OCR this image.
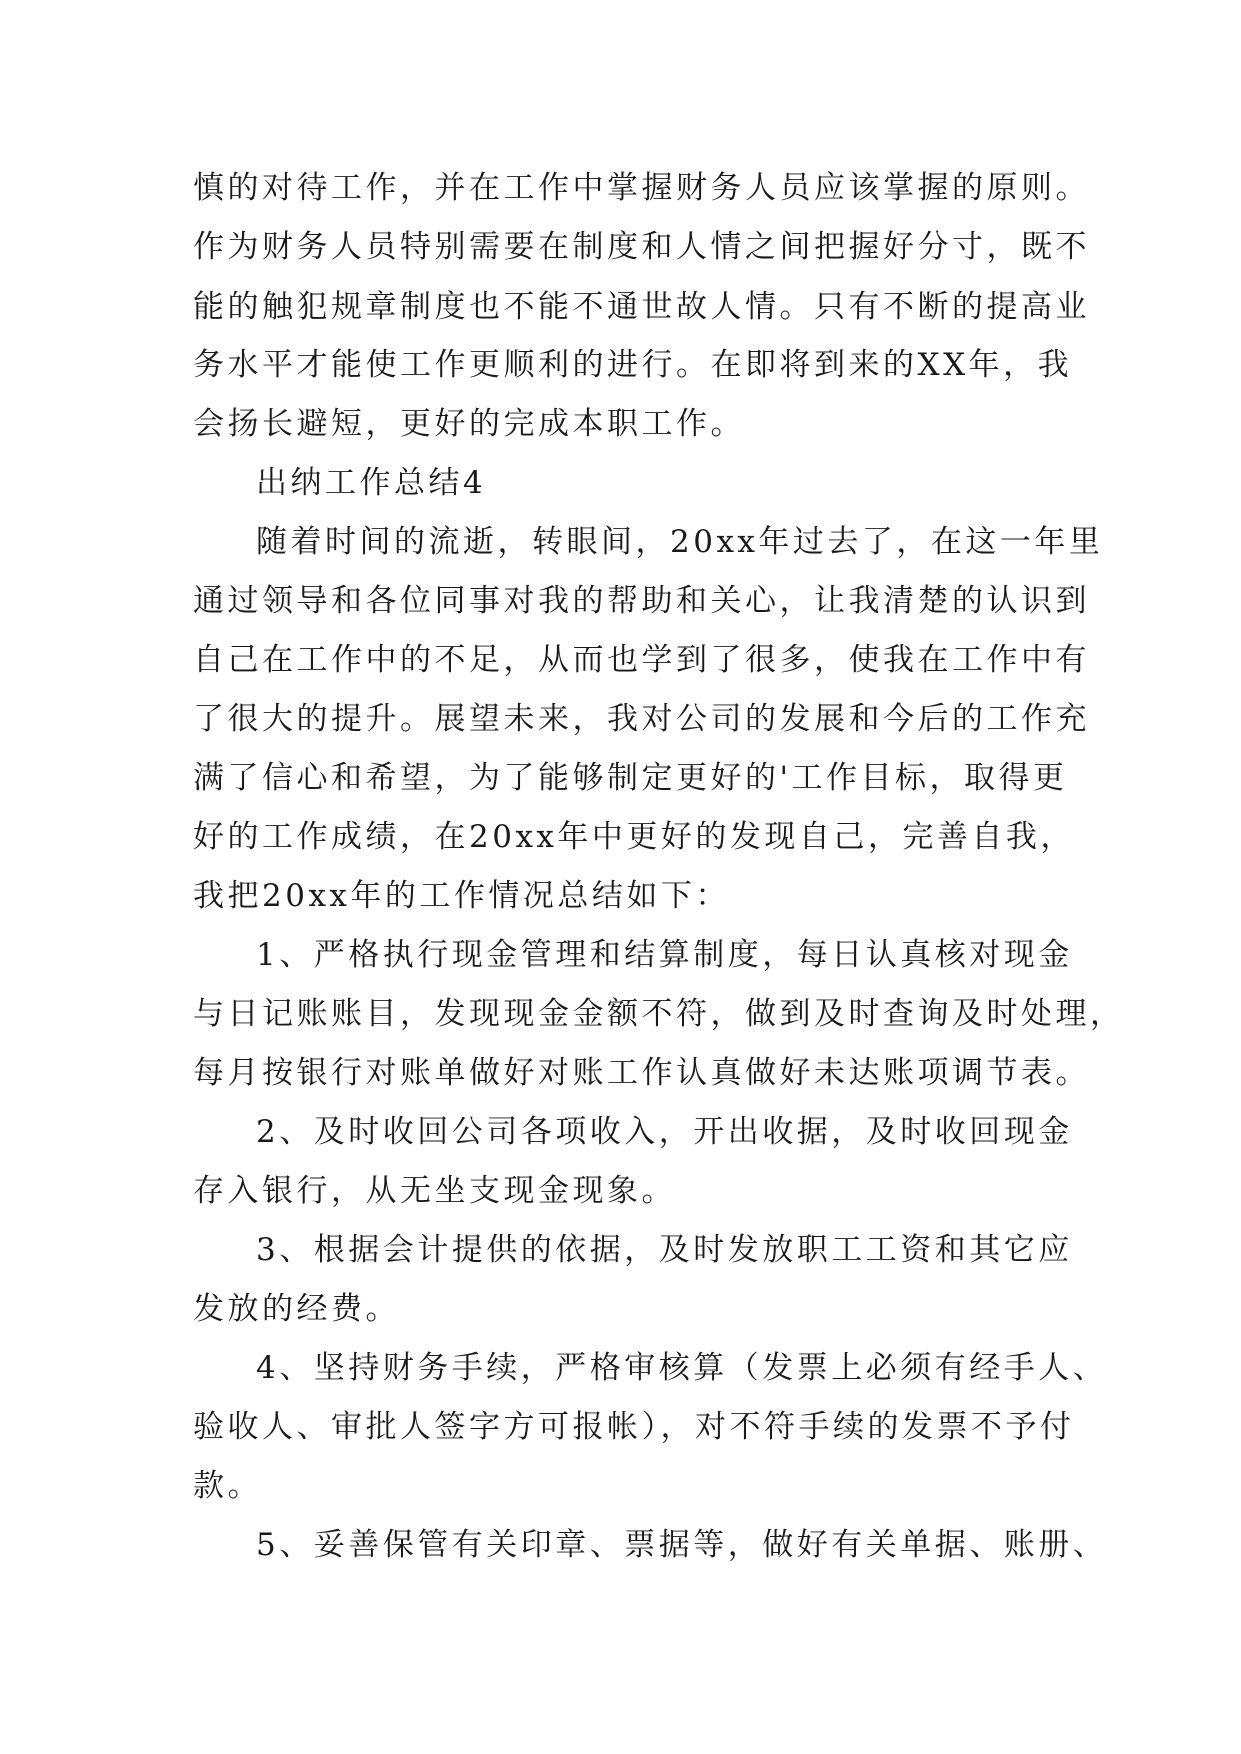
慎的对待工作，并在工作中掌握财务人员应该掌握的原则。
作为财务人员特别需要在制度和人情之间把握好分寸，既不
能的触犯规章制度也不能不通世故人情。只有不断的提高业
务水平才能使工作更顺利的进行。在即将到来的XX年，我
会扬长避短，更好的完成本职工作。
出纳工作总结4
随着时间的流逝，转眼间，20xx年过去了，在这一年里
通过领导和各位同事对我的帮助和关心，让我清楚的认识到
自己在工作中的不足，从而也学到了很多，使我在工作中有
了很大的提升。展望未来，我对公司的发展和今后的工作充
满了信心和希望，为了能够制定更好的'工作目标，取得更
好的工作成绩，在20xx年中更好的发现自己，完善自我，
我把20xx年的工作情况总结如下：
1、严格执行现金管理和结算制度，每日认真核对现金
与日记账账目，发现现金金额不符，做到及时查询及时处理，
每月按银行对账单做好对账工作认真做好未达账项调节表。
2、及时收回公司各项收入，开出收据，及时收回现金
存入银行，从无坐支现金现象。
3、根据会计提供的依据，及时发放职工工资和其它应
发放的经费。
4、坚持财务手续，严格审核算（发票上必须有经手人、
验收人、审批人签字方可报帐），对不符手续的发票不予付
款。
5、妥善保管有关印章、票据等，做好有关单据、账册、
